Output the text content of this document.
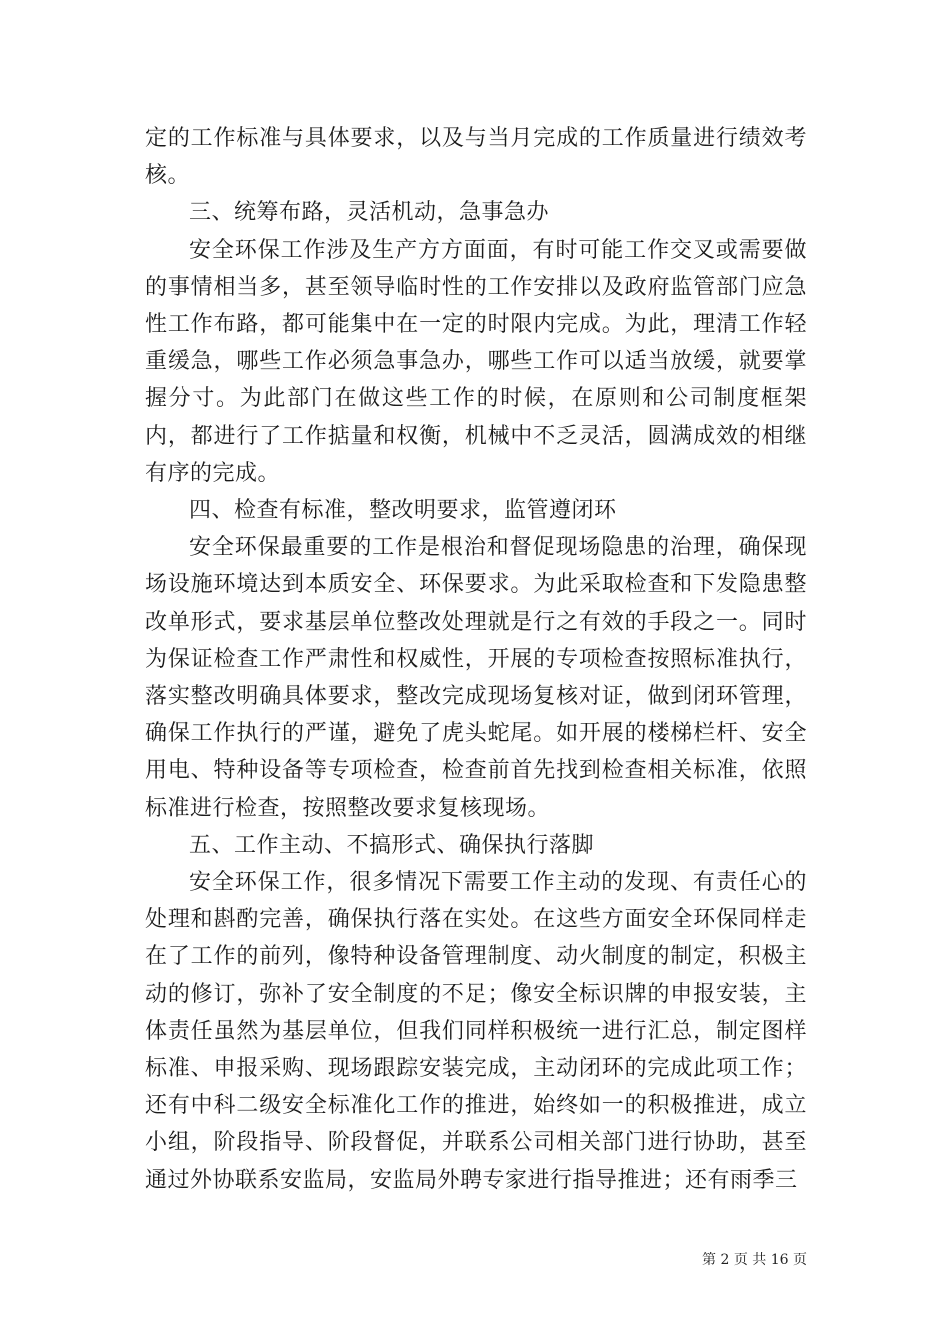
定的工作标准与具体要求，以及与当月完成的工作质量进行绩效考核。

三、统筹布路，灵活机动，急事急办

安全环保工作涉及生产方方面面，有时可能工作交叉或需要做的事情相当多，甚至领导临时性的工作安排以及政府监管部门应急性工作布路，都可能集中在一定的时限内完成。为此，理清工作轻重缓急，哪些工作必须急事急办，哪些工作可以适当放缓，就要掌握分寸。为此部门在做这些工作的时候，在原则和公司制度框架内，都进行了工作掂量和权衡，机械中不乏灵活，圆满成效的相继有序的完成。

四、检查有标准，整改明要求，监管遵闭环

安全环保最重要的工作是根治和督促现场隐患的治理，确保现场设施环境达到本质安全、环保要求。为此采取检查和下发隐患整改单形式，要求基层单位整改处理就是行之有效的手段之一。同时为保证检查工作严肃性和权威性，开展的专项检查按照标准执行，落实整改明确具体要求，整改完成现场复核对证，做到闭环管理，确保工作执行的严谨，避免了虎头蛇尾。如开展的楼梯栏杆、安全用电、特种设备等专项检查，检查前首先找到检查相关标准，依照标准进行检查，按照整改要求复核现场。

五、工作主动、不搞形式、确保执行落脚

安全环保工作，很多情况下需要工作主动的发现、有责任心的处理和斟酌完善，确保执行落在实处。在这些方面安全环保同样走在了工作的前列，像特种设备管理制度、动火制度的制定，积极主动的修订，弥补了安全制度的不足；像安全标识牌的申报安装，主体责任虽然为基层单位，但我们同样积极统一进行汇总，制定图样标准、申报采购、现场跟踪安装完成，主动闭环的完成此项工作；还有中科二级安全标准化工作的推进，始终如一的积极推进，成立小组，阶段指导、阶段督促，并联系公司相关部门进行协助，甚至通过外协联系安监局，安监局外聘专家进行指导推进；还有雨季三

第 2 页 共 16 页
